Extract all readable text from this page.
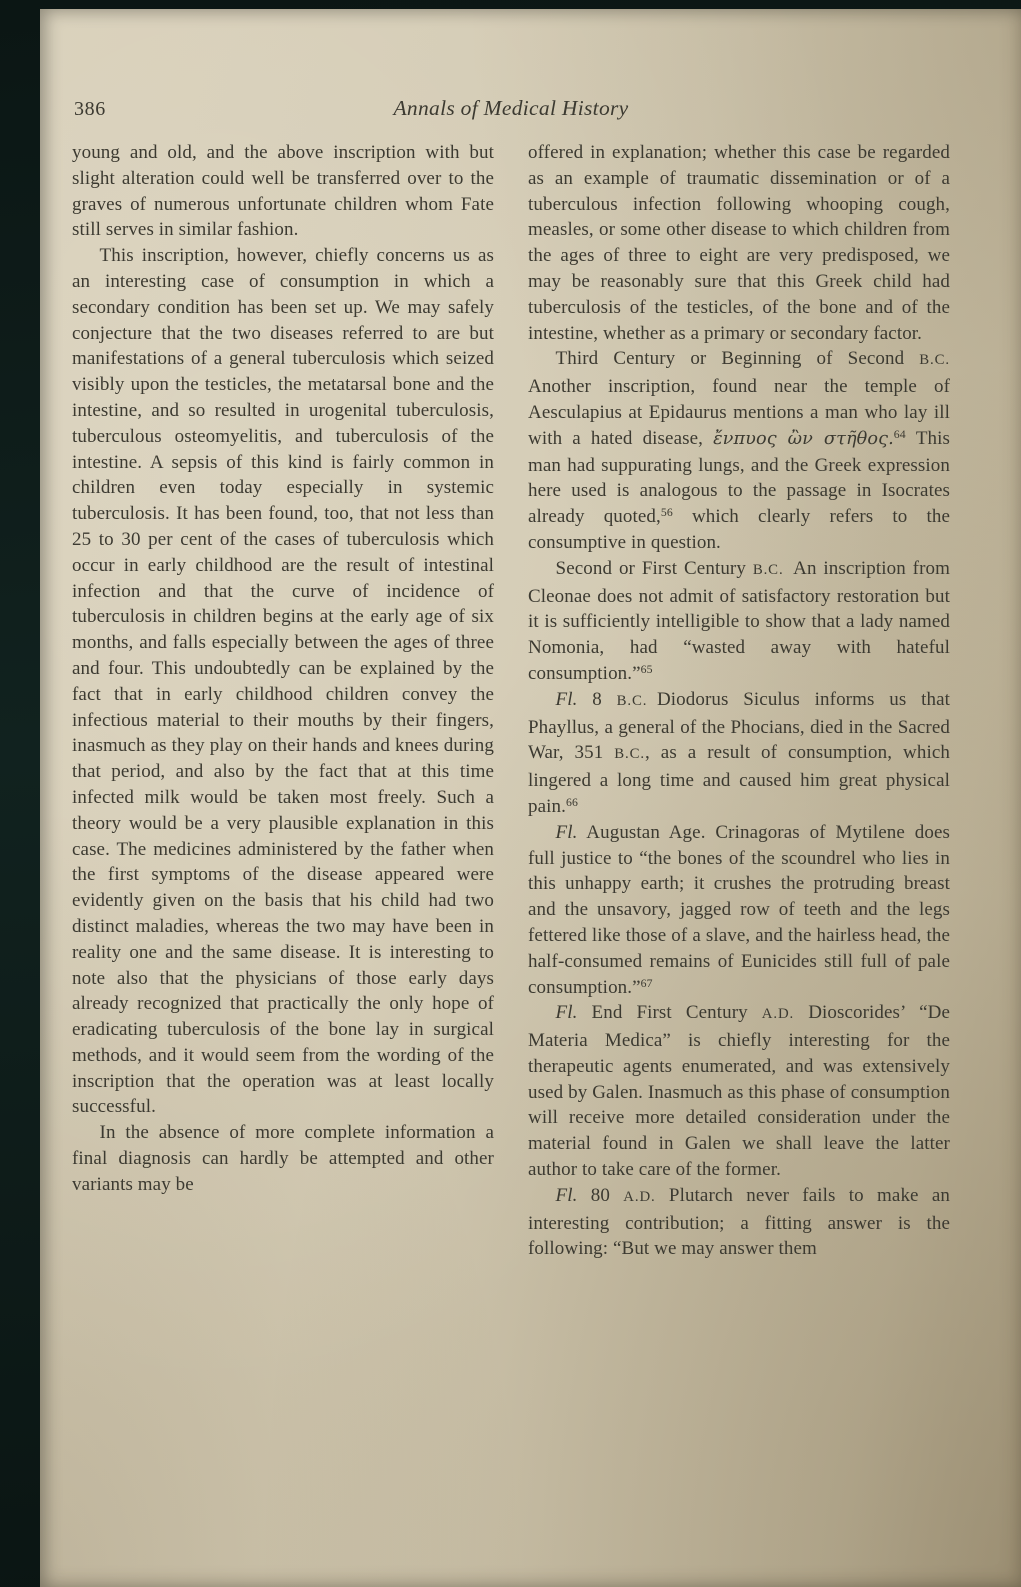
386	Annals of Medical History

young and old, and the above inscription with but slight alteration could well be transferred over to the graves of numerous unfortunate children whom Fate still serves in similar fashion.

This inscription, however, chiefly concerns us as an interesting case of consumption in which a secondary condition has been set up. We may safely conjecture that the two diseases referred to are but manifestations of a general tuberculosis which seized visibly upon the testicles, the metatarsal bone and the intestine, and so resulted in urogenital tuberculosis, tuberculous osteomyelitis, and tuberculosis of the intestine. A sepsis of this kind is fairly common in children even today especially in systemic tuberculosis. It has been found, too, that not less than 25 to 30 per cent of the cases of tuberculosis which occur in early childhood are the result of intestinal infection and that the curve of incidence of tuberculosis in children begins at the early age of six months, and falls especially between the ages of three and four. This undoubtedly can be explained by the fact that in early childhood children convey the infectious material to their mouths by their fingers, inasmuch as they play on their hands and knees during that period, and also by the fact that at this time infected milk would be taken most freely. Such a theory would be a very plausible explanation in this case. The medicines administered by the father when the first symptoms of the disease appeared were evidently given on the basis that his child had two distinct maladies, whereas the two may have been in reality one and the same disease. It is interesting to note also that the physicians of those early days already recognized that practically the only hope of eradicating tuberculosis of the bone lay in surgical methods, and it would seem from the wording of the inscription that the operation was at least locally successful.

In the absence of more complete information a final diagnosis can hardly be attempted and other variants may be

offered in explanation; whether this case be regarded as an example of traumatic dissemination or of a tuberculous infection following whooping cough, measles, or some other disease to which children from the ages of three to eight are very predisposed, we may be reasonably sure that this Greek child had tuberculosis of the testicles, of the bone and of the intestine, whether as a primary or secondary factor.

Third Century or Beginning of Second B.C. Another inscription, found near the temple of Aesculapius at Epidaurus mentions a man who lay ill with a hated disease, ἔνπυος ὢν στῆθος.$^{64}$ This man had suppurating lungs, and the Greek expression here used is analogous to the passage in Isocrates already quoted,$^{56}$ which clearly refers to the consumptive in question.

Second or First Century B.C. An inscription from Cleonae does not admit of satisfactory restoration but it is sufficiently intelligible to show that a lady named Nomonia, had “wasted away with hateful consumption.”$^{65}$

Fl. 8 B.C. Diodorus Siculus informs us that Phayllus, a general of the Phocians, died in the Sacred War, 351 B.C., as a result of consumption, which lingered a long time and caused him great physical pain.$^{66}$

Fl. Augustan Age. Crinagoras of Mytilene does full justice to “the bones of the scoundrel who lies in this unhappy earth; it crushes the protruding breast and the unsavory, jagged row of teeth and the legs fettered like those of a slave, and the hairless head, the half-consumed remains of Eunicides still full of pale consumption.”$^{67}$

Fl. End First Century A.D. Dioscorides’ “De Materia Medica” is chiefly interesting for the therapeutic agents enumerated, and was extensively used by Galen. Inasmuch as this phase of consumption will receive more detailed consideration under the material found in Galen we shall leave the latter author to take care of the former.

Fl. 80 A.D. Plutarch never fails to make an interesting contribution; a fitting answer is the following: “But we may answer them
